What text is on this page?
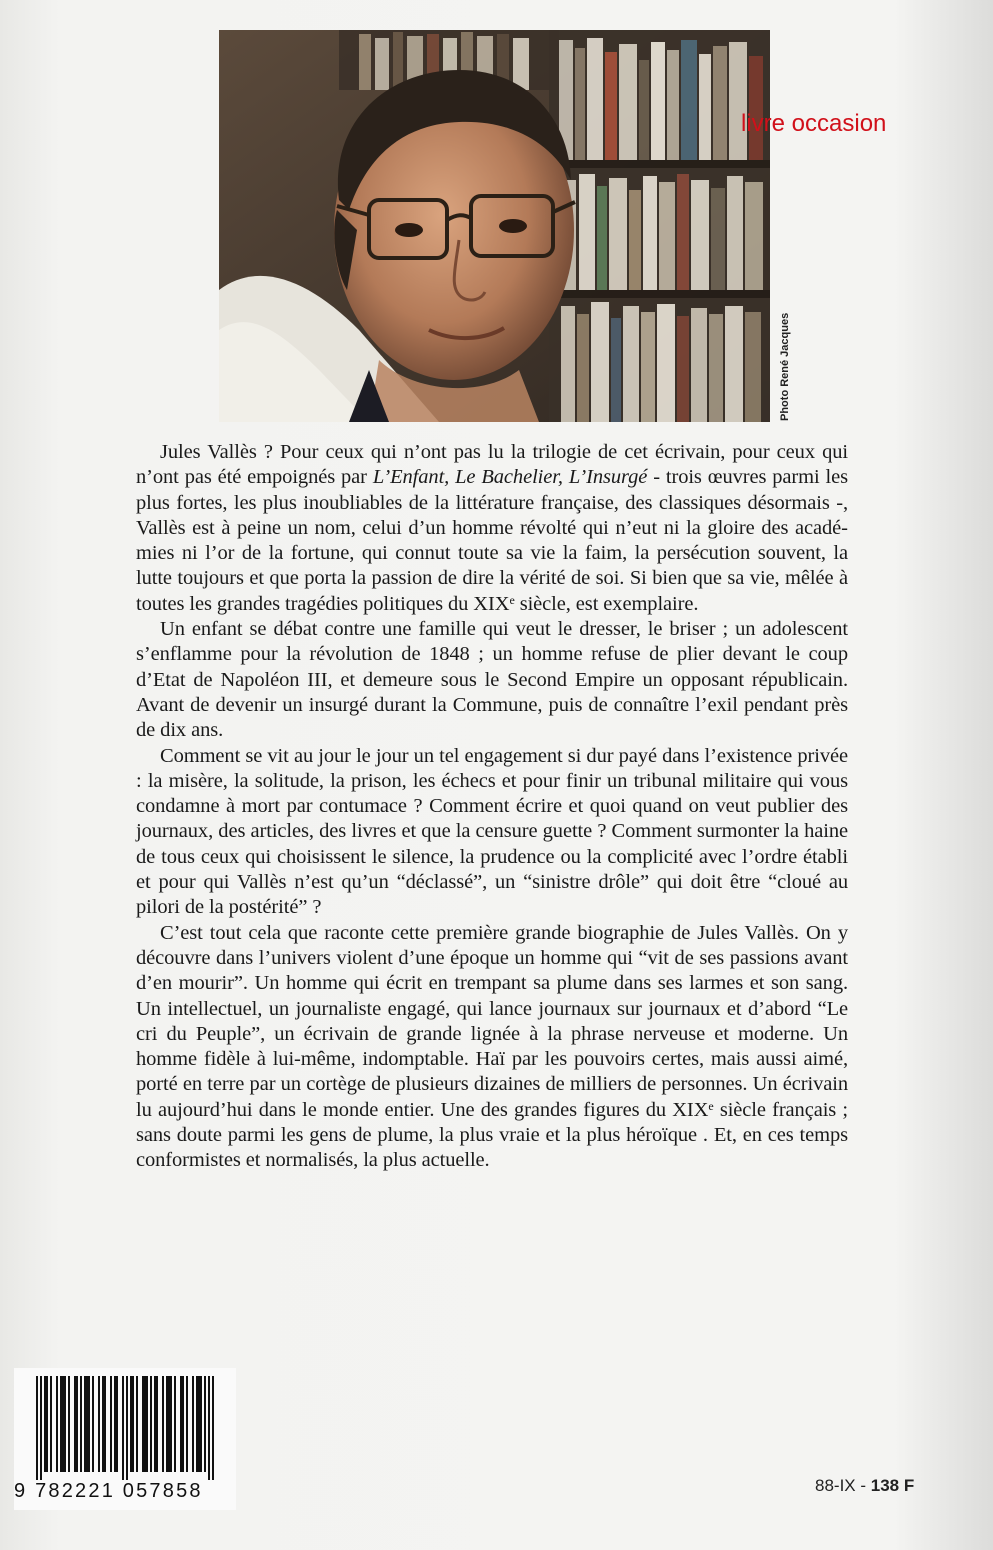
livre occasion
Photo René Jacques

Jules Vallès ? Pour ceux qui n’ont pas lu la trilogie de cet écrivain, pour ceux qui n’ont pas été empoignés par L’Enfant, Le Bachelier, L’Insurgé - trois œuvres parmi les plus fortes, les plus inoubliables de la littérature française, des classiques désormais -, Vallès est à peine un nom, celui d’un homme révolté qui n’eut ni la gloire des académies ni l’or de la fortune, qui connut toute sa vie la faim, la persécution souvent, la lutte toujours et que porta la passion de dire la vérité de soi. Si bien que sa vie, mêlée à toutes les grandes tragédies politiques du XIXe siècle, est exemplaire.

Un enfant se débat contre une famille qui veut le dresser, le briser ; un adolescent s’enflamme pour la révolution de 1848 ; un homme refuse de plier devant le coup d’Etat de Napoléon III, et demeure sous le Second Empire un opposant républicain. Avant de devenir un insurgé durant la Commune, puis de connaître l’exil pendant près de dix ans.

Comment se vit au jour le jour un tel engagement si dur payé dans l’existence privée : la misère, la solitude, la prison, les échecs et pour finir un tribunal militaire qui vous condamne à mort par contumace ? Comment écrire et quoi quand on veut publier des journaux, des articles, des livres et que la censure guette ? Comment surmonter la haine de tous ceux qui choisissent le silence, la prudence ou la complicité avec l’ordre établi et pour qui Vallès n’est qu’un “déclassé”, un “sinistre drôle” qui doit être “cloué au pilori de la postérité” ?

C’est tout cela que raconte cette première grande biographie de Jules Vallès. On y découvre dans l’univers violent d’une époque un homme qui “vit de ses passions avant d’en mourir”. Un homme qui écrit en trempant sa plume dans ses larmes et son sang. Un intellectuel, un journaliste engagé, qui lance journaux sur journaux et d’abord “Le cri du Peuple”, un écrivain de grande lignée à la phrase nerveuse et moderne. Un homme fidèle à lui-même, indomptable. Haï par les pouvoirs certes, mais aussi aimé, porté en terre par un cortège de plusieurs dizaines de milliers de personnes. Un écrivain lu aujourd’hui dans le monde entier. Une des grandes figures du XIXe siècle français ; sans doute parmi les gens de plume, la plus vraie et la plus héroïque . Et, en ces temps conformistes et normalisés, la plus actuelle.

9 782221 057858	88-IX - 138 F
